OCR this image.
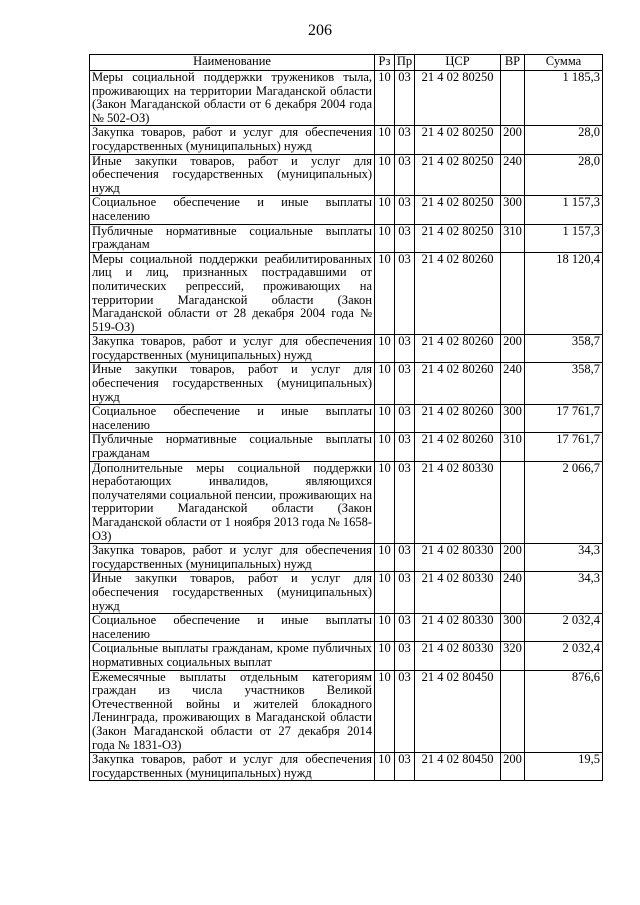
206
Наименование	Рз	Пр	ЦСР	ВР	Сумма
Меры социальной поддержки тружеников тыла, проживающих на территории Магаданской области (Закон Магаданской области от 6 декабря 2004 года № 502-ОЗ)	10	03	21 4 02 80250		1 185,3
Закупка товаров, работ и услуг для обеспечения государственных (муниципальных) нужд	10	03	21 4 02 80250	200	28,0
Иные закупки товаров, работ и услуг для обеспечения государственных (муниципальных) нужд	10	03	21 4 02 80250	240	28,0
Социальное обеспечение и иные выплаты населению	10	03	21 4 02 80250	300	1 157,3
Публичные нормативные социальные выплаты гражданам	10	03	21 4 02 80250	310	1 157,3
Меры социальной поддержки реабилитированных лиц и лиц, признанных пострадавшими от политических репрессий, проживающих на территории Магаданской области (Закон Магаданской области от 28 декабря 2004 года № 519-ОЗ)	10	03	21 4 02 80260		18 120,4
Закупка товаров, работ и услуг для обеспечения государственных (муниципальных) нужд	10	03	21 4 02 80260	200	358,7
Иные закупки товаров, работ и услуг для обеспечения государственных (муниципальных) нужд	10	03	21 4 02 80260	240	358,7
Социальное обеспечение и иные выплаты населению	10	03	21 4 02 80260	300	17 761,7
Публичные нормативные социальные выплаты гражданам	10	03	21 4 02 80260	310	17 761,7
Дополнительные меры социальной поддержки неработающих инвалидов, являющихся получателями социальной пенсии, проживающих на территории Магаданской области (Закон Магаданской области от 1 ноября 2013 года № 1658-ОЗ)	10	03	21 4 02 80330		2 066,7
Закупка товаров, работ и услуг для обеспечения государственных (муниципальных) нужд	10	03	21 4 02 80330	200	34,3
Иные закупки товаров, работ и услуг для обеспечения государственных (муниципальных) нужд	10	03	21 4 02 80330	240	34,3
Социальное обеспечение и иные выплаты населению	10	03	21 4 02 80330	300	2 032,4
Социальные выплаты гражданам, кроме публичных нормативных социальных выплат	10	03	21 4 02 80330	320	2 032,4
Ежемесячные выплаты отдельным категориям граждан из числа участников Великой Отечественной войны и жителей блокадного Ленинграда, проживающих в Магаданской области (Закон Магаданской области от 27 декабря 2014 года № 1831-ОЗ)	10	03	21 4 02 80450		876,6
Закупка товаров, работ и услуг для обеспечения государственных (муниципальных) нужд	10	03	21 4 02 80450	200	19,5
